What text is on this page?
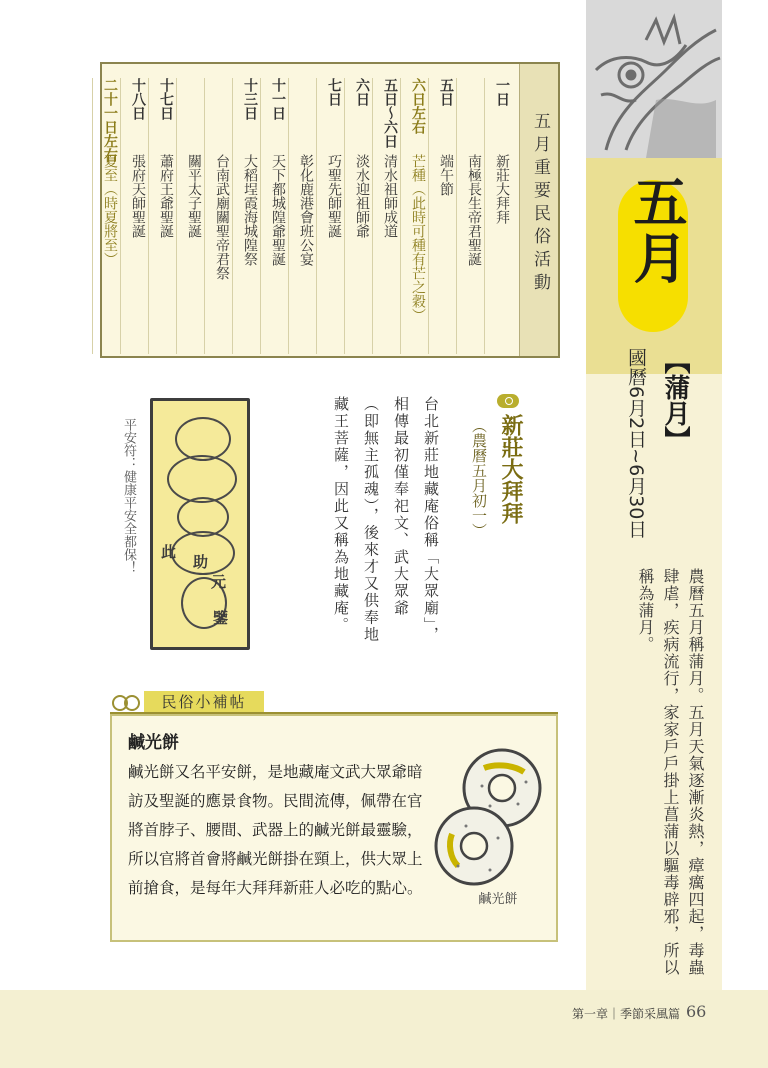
五月
【蒲月】
國曆6月2日~6月30日
農曆五月稱蒲月。五月天氣逐漸炎熱，瘴癘四起，毒蟲肆虐，疾病流行，家家戶戶掛上菖蒲以驅毒辟邪，所以稱為蒲月。
五月重要民俗活動
一日
新莊大拜拜
南極長生帝君聖誕
五日
端午節
六日左右
芒種（此時可種有芒之穀）
五日～六日
清水祖師成道
六日
淡水迎祖師爺
七日
巧聖先師聖誕
彰化鹿港會班公宴
十一日
天下都城隍爺聖誕
十三日
大稻埕霞海城隍祭
台南武廟關聖帝君祭
關平太子聖誕
十七日
蕭府王爺聖誕
十八日
張府天師聖誕
二十一日左右
夏至（時夏將至）
新莊大拜拜
（農曆五月初一）
台北新莊地藏庵俗稱「大眾廟」，相傳最初僅奉祀文、武大眾爺（即無主孤魂），後來才又供奉地藏王菩薩，因此又稱為地藏庵。
此
助
元
鑒
平安符：健康平安全都保！
民俗小補帖
鹹光餅
鹹光餅又名平安餅，是地藏庵文武大眾爺暗訪及聖誕的應景食物。民間流傳，佩帶在官將首脖子、腰間、武器上的鹹光餅最靈驗，所以官將首會將鹹光餅掛在頸上，供大眾上前搶食，是每年大拜拜新莊人必吃的點心。
鹹光餅
第一章｜季節采風篇 66
